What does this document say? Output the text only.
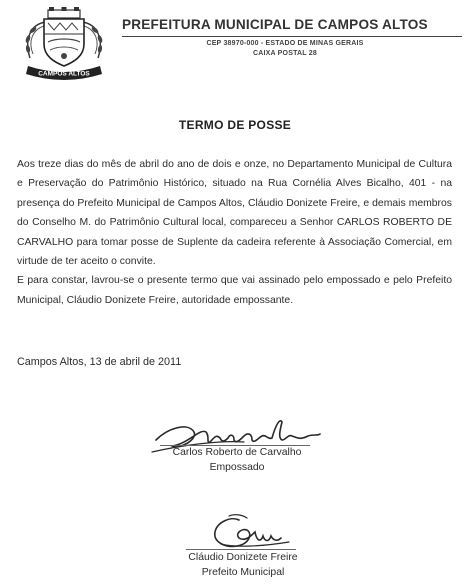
CAMPOS ALTOS
PREFEITURA MUNICIPAL DE CAMPOS ALTOS
CEP 38970-000 - ESTADO DE MINAS GERAIS
CAIXA POSTAL 28
TERMO DE POSSE

Aos treze dias do mês de abril do ano de dois e onze, no Departamento Municipal de Cultura e Preservação do Patrimônio Histórico, situado na Rua Cornélia Alves Bicalho, 401 - na presença do Prefeito Municipal de Campos Altos, Cláudio Donizete Freire, e demais membros do Conselho M. do Patrimônio Cultural local, compareceu a Senhor CARLOS ROBERTO DE CARVALHO para tomar posse de Suplente da cadeira referente à Associação Comercial, em virtude de ter aceito o convite.

E para constar, lavrou-se o presente termo que vai assinado pelo empossado e pelo Prefeito Municipal, Cláudio Donizete Freire, autoridade empossante.

Campos Altos, 13 de abril de 2011
Carlos Roberto de Carvalho
Empossado
Cláudio Donizete Freire
Prefeito Municipal
